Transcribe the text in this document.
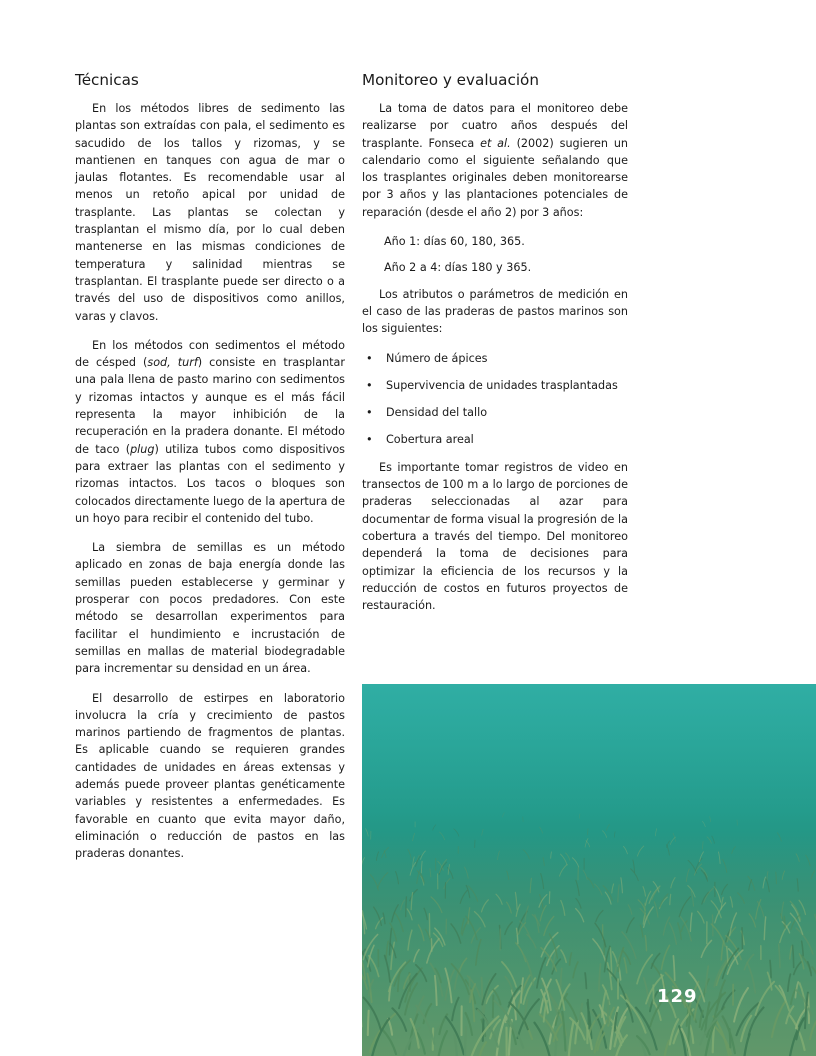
Técnicas

En los métodos libres de sedimento las plantas son extraídas con pala, el sedimento es sacudido de los tallos y rizomas, y se mantienen en tanques con agua de mar o jaulas flotantes. Es recomendable usar al menos un retoño apical por unidad de trasplante. Las plantas se colectan y trasplantan el mismo día, por lo cual deben mantenerse en las mismas condiciones de temperatura y salinidad mientras se trasplantan. El trasplante puede ser directo o a través del uso de dispositivos como anillos, varas y clavos.

En los métodos con sedimentos el método de césped (sod, turf) consiste en trasplantar una pala llena de pasto marino con sedimentos y rizomas intactos y aunque es el más fácil representa la mayor inhibición de la recuperación en la pradera donante. El método de taco (plug) utiliza tubos como dispositivos para extraer las plantas con el sedimento y rizomas intactos. Los tacos o bloques son colocados directamente luego de la apertura de un hoyo para recibir el contenido del tubo.

La siembra de semillas es un método aplicado en zonas de baja energía donde las semillas pueden establecerse y germinar y prosperar con pocos predadores. Con este método se desarrollan experimentos para facilitar el hundimiento e incrustación de semillas en mallas de material biodegradable para incrementar su densidad en un área.

El desarrollo de estirpes en laboratorio involucra la cría y crecimiento de pastos marinos partiendo de fragmentos de plantas. Es aplicable cuando se requieren grandes cantidades de unidades en áreas extensas y además puede proveer plantas genéticamente variables y resistentes a enfermedades. Es favorable en cuanto que evita mayor daño, eliminación o reducción de pastos en las praderas donantes.

Monitoreo y evaluación

La toma de datos para el monitoreo debe realizarse por cuatro años después del trasplante. Fonseca et al. (2002) sugieren un calendario como el siguiente señalando que los trasplantes originales deben monitorearse por 3 años y las plantaciones potenciales de reparación (desde el año 2) por 3 años:

Año 1: días 60, 180, 365.

Año 2 a 4: días 180 y 365.

Los atributos o parámetros de medición en el caso de las praderas de pastos marinos son los siguientes:

• Número de ápices
• Supervivencia de unidades trasplantadas
• Densidad del tallo
• Cobertura areal

Es importante tomar registros de video en transectos de 100 m a lo largo de porciones de praderas seleccionadas al azar para documentar de forma visual la progresión de la cobertura a través del tiempo. Del monitoreo dependerá la toma de decisiones para optimizar la eficiencia de los recursos y la reducción de costos en futuros proyectos de restauración.

129
